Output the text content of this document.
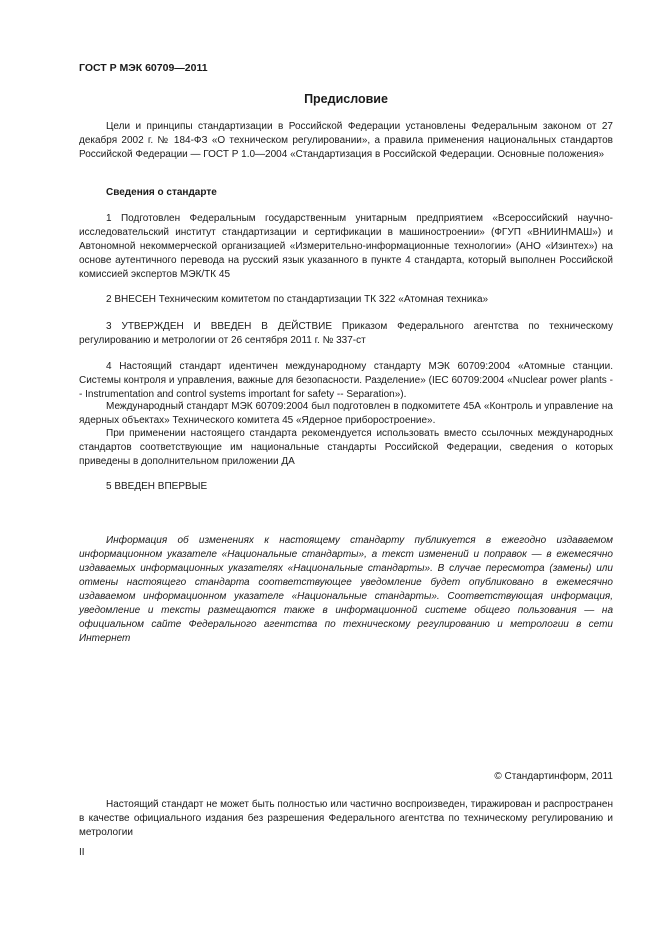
ГОСТ Р МЭК 60709—2011
Предисловие

Цели и принципы стандартизации в Российской Федерации установлены Федеральным законом от 27 декабря 2002 г. № 184-ФЗ «О техническом регулировании», а правила применения национальных стандартов Российской Федерации — ГОСТ Р 1.0—2004 «Стандартизация в Российской Федерации. Основные положения»

Сведения о стандарте

1 Подготовлен Федеральным государственным унитарным предприятием «Всероссийский научно-исследовательский институт стандартизации и сертификации в машиностроении» (ФГУП «ВНИИНМАШ») и Автономной некоммерческой организацией «Измерительно-информационные технологии» (АНО «Изинтех») на основе аутентичного перевода на русский язык указанного в пункте 4 стандарта, который выполнен Российской комиссией экспертов МЭК/ТК 45

2 ВНЕСЕН Техническим комитетом по стандартизации ТК 322 «Атомная техника»

3 УТВЕРЖДЕН И ВВЕДЕН В ДЕЙСТВИЕ Приказом Федерального агентства по техническому регулированию и метрологии от 26 сентября 2011 г. № 337-ст

4 Настоящий стандарт идентичен международному стандарту МЭК 60709:2004 «Атомные станции. Системы контроля и управления, важные для безопасности. Разделение» (IEC 60709:2004 «Nuclear power plants -- Instrumentation and control systems important for safety -- Separation»).

Международный стандарт МЭК 60709:2004 был подготовлен в подкомитете 45А «Контроль и управление на ядерных объектах» Технического комитета 45 «Ядерное приборостроение».

При применении настоящего стандарта рекомендуется использовать вместо ссылочных международных стандартов соответствующие им национальные стандарты Российской Федерации, сведения о которых приведены в дополнительном приложении ДА

5 ВВЕДЕН ВПЕРВЫЕ

Информация об изменениях к настоящему стандарту публикуется в ежегодно издаваемом информационном указателе «Национальные стандарты», а текст изменений и поправок — в ежемесячно издаваемых информационных указателях «Национальные стандарты». В случае пересмотра (замены) или отмены настоящего стандарта соответствующее уведомление будет опубликовано в ежемесячно издаваемом информационном указателе «Национальные стандарты». Соответствующая информация, уведомление и тексты размещаются также в информационной системе общего пользования — на официальном сайте Федерального агентства по техническому регулированию и метрологии в сети Интернет

© Стандартинформ, 2011

Настоящий стандарт не может быть полностью или частично воспроизведен, тиражирован и распространен в качестве официального издания без разрешения Федерального агентства по техническому регулированию и метрологии

II
